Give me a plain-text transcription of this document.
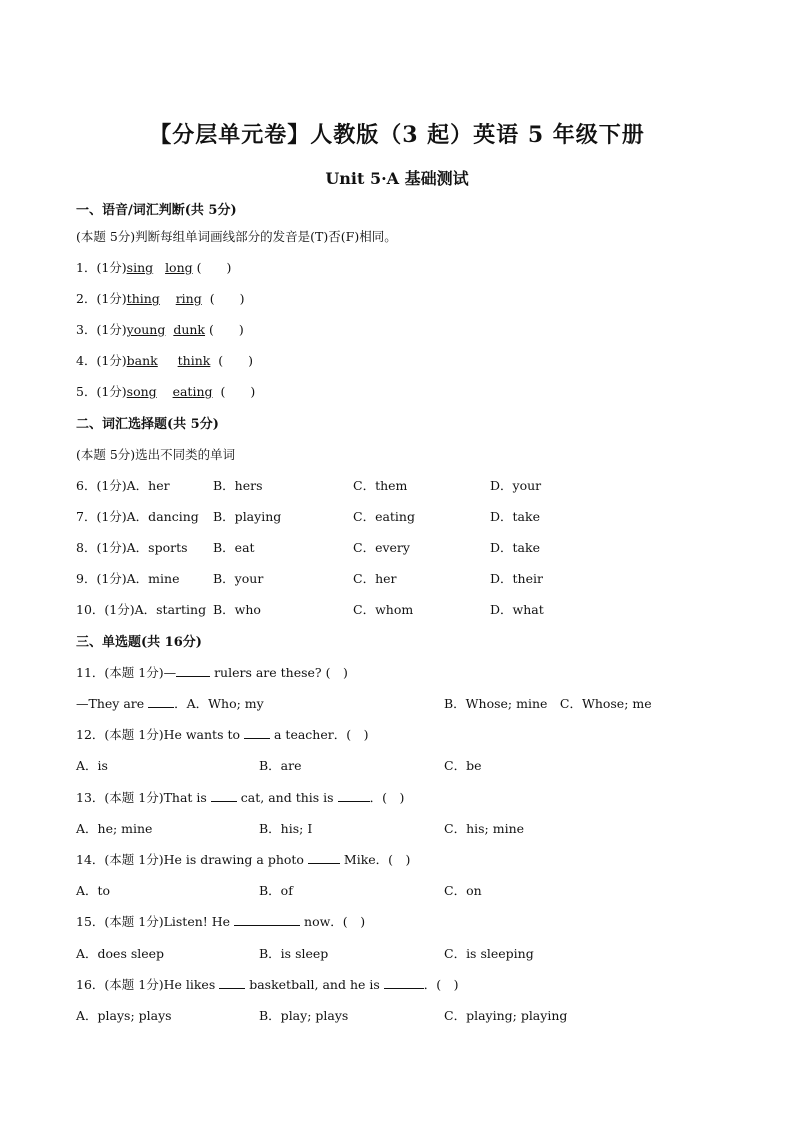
【分层单元卷】人教版（3 起）英语 5 年级下册
Unit 5·A 基础测试
一、语音/词汇判断(共 5分)
(本题 5分)判断每组单词画线部分的发音是(T)否(F)相同。
1．(1分)sing long (　　)
2．(1分)thing ring (　　)
3．(1分)young dunk (　　)
4．(1分)bank think (　　)
5．(1分)song eating (　　)
二、词汇选择题(共 5分)
(本题 5分)选出不同类的单词
6．(1分)A．her	B．hers	C．them	D．your
7．(1分)A．dancing B．playing	C．eating	D．take
8．(1分)A．sports B．eat	C．every	D．take
9．(1分)A．mine	B．your	C．her	D．their
10．(1分)A．starting B．who	C．whom	D．what
三、单选题(共 16分)
11．(本题 1分)—	rulers are these? (　)
—They are ．A．Who; my	B．Whose; mine　C．Whose; me
12．(本题 1分)He wants to  a teacher．(　)
A．is	B．are	C．be
13．(本题 1分)That is  cat, and this is	．(　)
A．he; mine	B．his; I	C．his; mine
14．(本题 1分)He is drawing a photo	Mike．(　)
A．to	B．of	C．on
15．(本题 1分)Listen! He	now．(　)
A．does sleep	B．is sleep	C．is sleeping
16．(本题 1分)He likes  basketball, and he is	．(　)
A．plays; plays	B．play; plays	C．playing; playing
